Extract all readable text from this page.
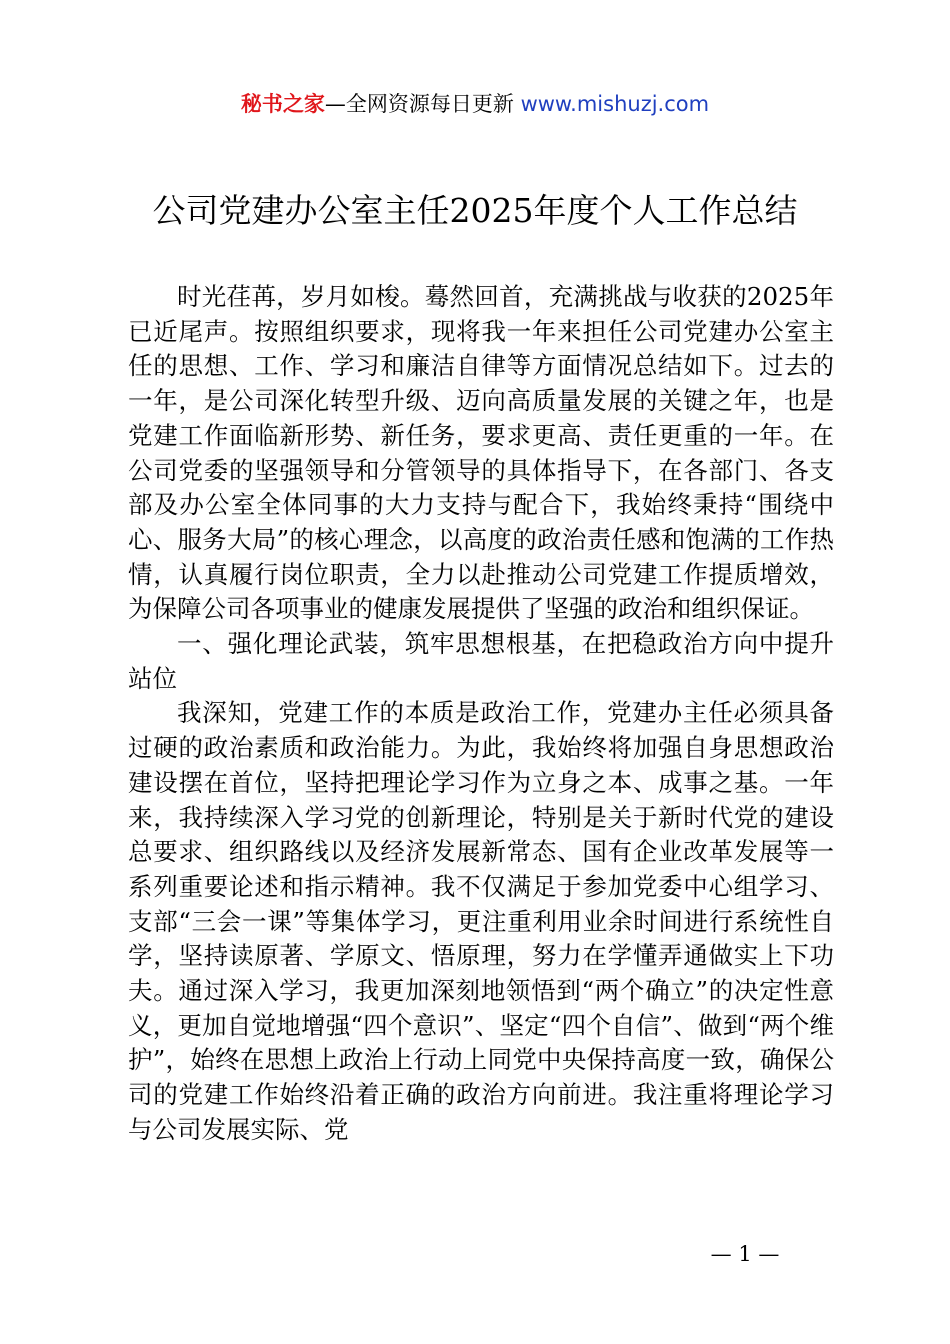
秘书之家—全网资源每日更新 www.mishuzj.com
公司党建办公室主任2025年度个人工作总结

时光荏苒，岁月如梭。蓦然回首，充满挑战与收获的2025年已近尾声。按照组织要求，现将我一年来担任公司党建办公室主任的思想、工作、学习和廉洁自律等方面情况总结如下。过去的一年，是公司深化转型升级、迈向高质量发展的关键之年，也是党建工作面临新形势、新任务，要求更高、责任更重的一年。在公司党委的坚强领导和分管领导的具体指导下，在各部门、各支部及办公室全体同事的大力支持与配合下，我始终秉持“围绕中心、服务大局”的核心理念，以高度的政治责任感和饱满的工作热情，认真履行岗位职责，全力以赴推动公司党建工作提质增效，为保障公司各项事业的健康发展提供了坚强的政治和组织保证。

一、强化理论武装，筑牢思想根基，在把稳政治方向中提升站位

我深知，党建工作的本质是政治工作，党建办主任必须具备过硬的政治素质和政治能力。为此，我始终将加强自身思想政治建设摆在首位，坚持把理论学习作为立身之本、成事之基。一年来，我持续深入学习党的创新理论，特别是关于新时代党的建设总要求、组织路线以及经济发展新常态、国有企业改革发展等一系列重要论述和指示精神。我不仅满足于参加党委中心组学习、支部“三会一课”等集体学习，更注重利用业余时间进行系统性自学，坚持读原著、学原文、悟原理，努力在学懂弄通做实上下功夫。通过深入学习，我更加深刻地领悟到“两个确立”的决定性意义，更加自觉地增强“四个意识”、坚定“四个自信”、做到“两个维护”，始终在思想上政治上行动上同党中央保持高度一致，确保公司的党建工作始终沿着正确的政治方向前进。我注重将理论学习与公司发展实际、党

— 1 —
